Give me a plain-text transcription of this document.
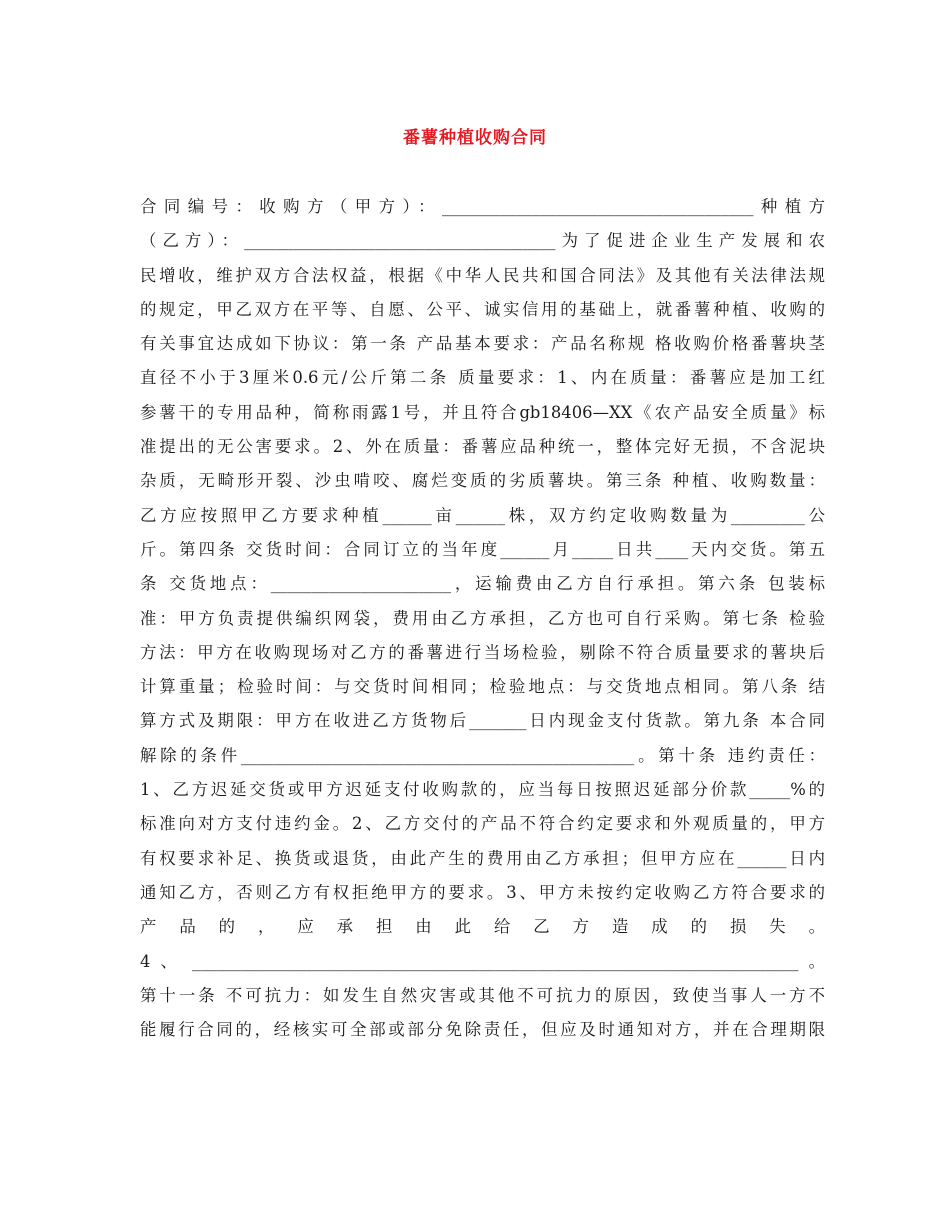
番薯种植收购合同
合同编号：收购方（甲方）：______________________________________种植方
（乙方）：______________________________________为了促进企业生产发展和农
民增收，维护双方合法权益，根据《中华人民共和国合同法》及其他有关法律法规
的规定，甲乙双方在平等、自愿、公平、诚实信用的基础上，就番薯种植、收购的
有关事宜达成如下协议：第一条 产品基本要求：产品名称规 格收购价格番薯块茎
直径不小于3厘米0.6元/公斤第二条 质量要求：1、内在质量：番薯应是加工红
参薯干的专用品种，简称雨露1号，并且符合gb18406—XX《农产品安全质量》标
准提出的无公害要求。2、外在质量：番薯应品种统一，整体完好无损，不含泥块
杂质，无畸形开裂、沙虫啃咬、腐烂变质的劣质薯块。第三条 种植、收购数量：
乙方应按照甲乙方要求种植______亩______株，双方约定收购数量为_________公
斤。第四条 交货时间：合同订立的当年度______月_____日共____天内交货。第五
条 交货地点：______________________，运输费由乙方自行承担。第六条 包装标
准：甲方负责提供编织网袋，费用由乙方承担，乙方也可自行采购。第七条 检验
方法：甲方在收购现场对乙方的番薯进行当场检验，剔除不符合质量要求的薯块后
计算重量；检验时间：与交货时间相同；检验地点：与交货地点相同。第八条 结
算方式及期限：甲方在收进乙方货物后_______日内现金支付货款。第九条 本合同
解除的条件________________________________________________。第十条 违约责任：
1、乙方迟延交货或甲方迟延支付收购款的，应当每日按照迟延部分价款_____%的
标准向对方支付违约金。2、乙方交付的产品不符合约定要求和外观质量的，甲方
有权要求补足、换货或退货，由此产生的费用由乙方承担；但甲方应在______日内
通知乙方，否则乙方有权拒绝甲方的要求。3、甲方未按约定收购乙方符合要求的
产 品 的 ， 应 承 担 由 此 给 乙 方 造 成 的 损 失 。
4 、 __________________________________________________________________________ 。
第十一条 不可抗力：如发生自然灾害或其他不可抗力的原因，致使当事人一方不
能履行合同的，经核实可全部或部分免除责任，但应及时通知对方，并在合理期限
